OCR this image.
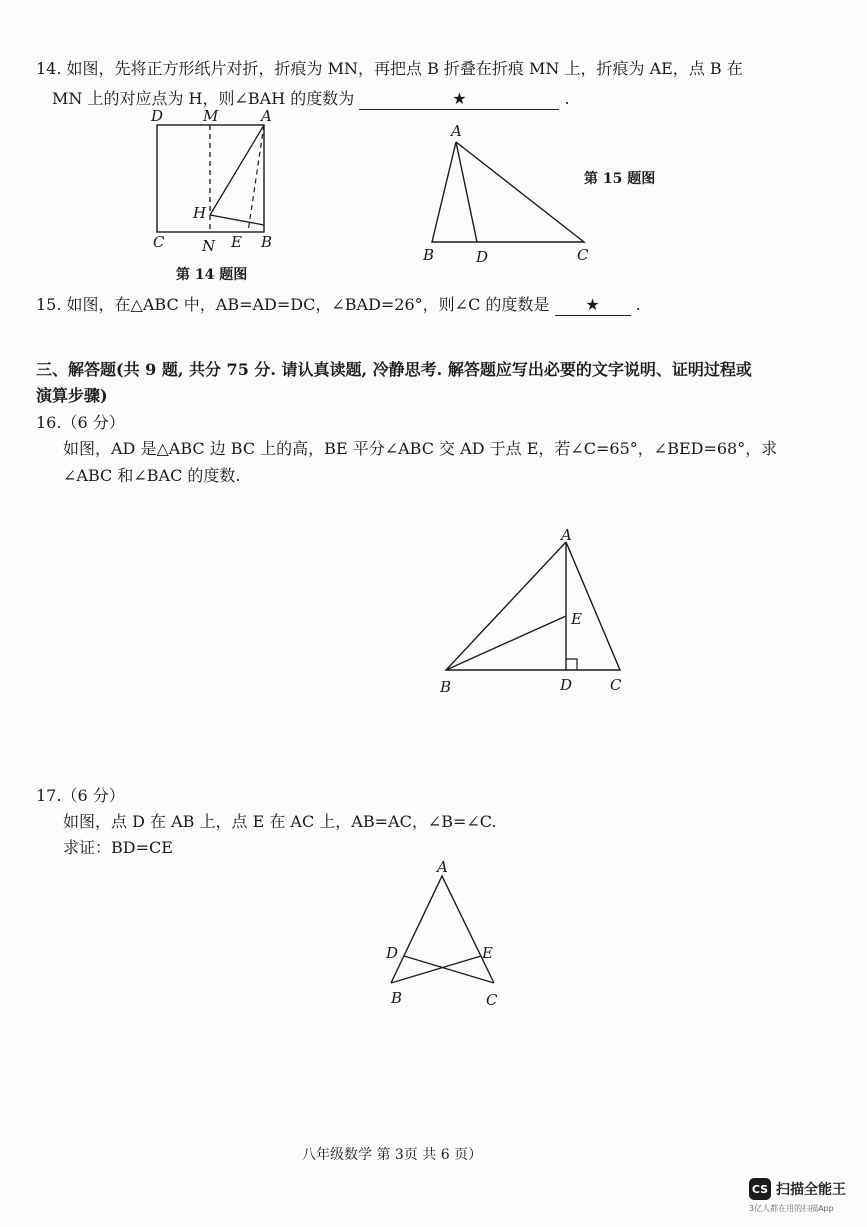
14. 如图，先将正方形纸片对折，折痕为 MN，再把点 B 折叠在折痕 MN 上，折痕为 AE，点 B 在
MN 上的对应点为 H，则∠BAH 的度数为	★	.
D	M	A
H
C	N E B
第 14 题图
A
B	D	C
第 15 题图
15. 如图，在△ABC 中，AB=AD=DC，∠BAD=26°，则∠C 的度数是 ★ .
三、解答题(共 9 题, 共分 75 分. 请认真读题, 冷静思考. 解答题应写出必要的文字说明、证明过程或
演算步骤)
16.（6 分）
如图，AD 是△ABC 边 BC 上的高，BE 平分∠ABC 交 AD 于点 E，若∠C=65°，∠BED=68°，求
∠ABC 和∠BAC 的度数.
A
E
B	D	C
17.（6 分）
如图，点 D 在 AB 上，点 E 在 AC 上，AB=AC，∠B=∠C.
求证：BD=CE
A
D	E
B	C
八年级数学 第 3页 共 6 页）
CS 扫描全能王
3亿人都在用的扫描App
